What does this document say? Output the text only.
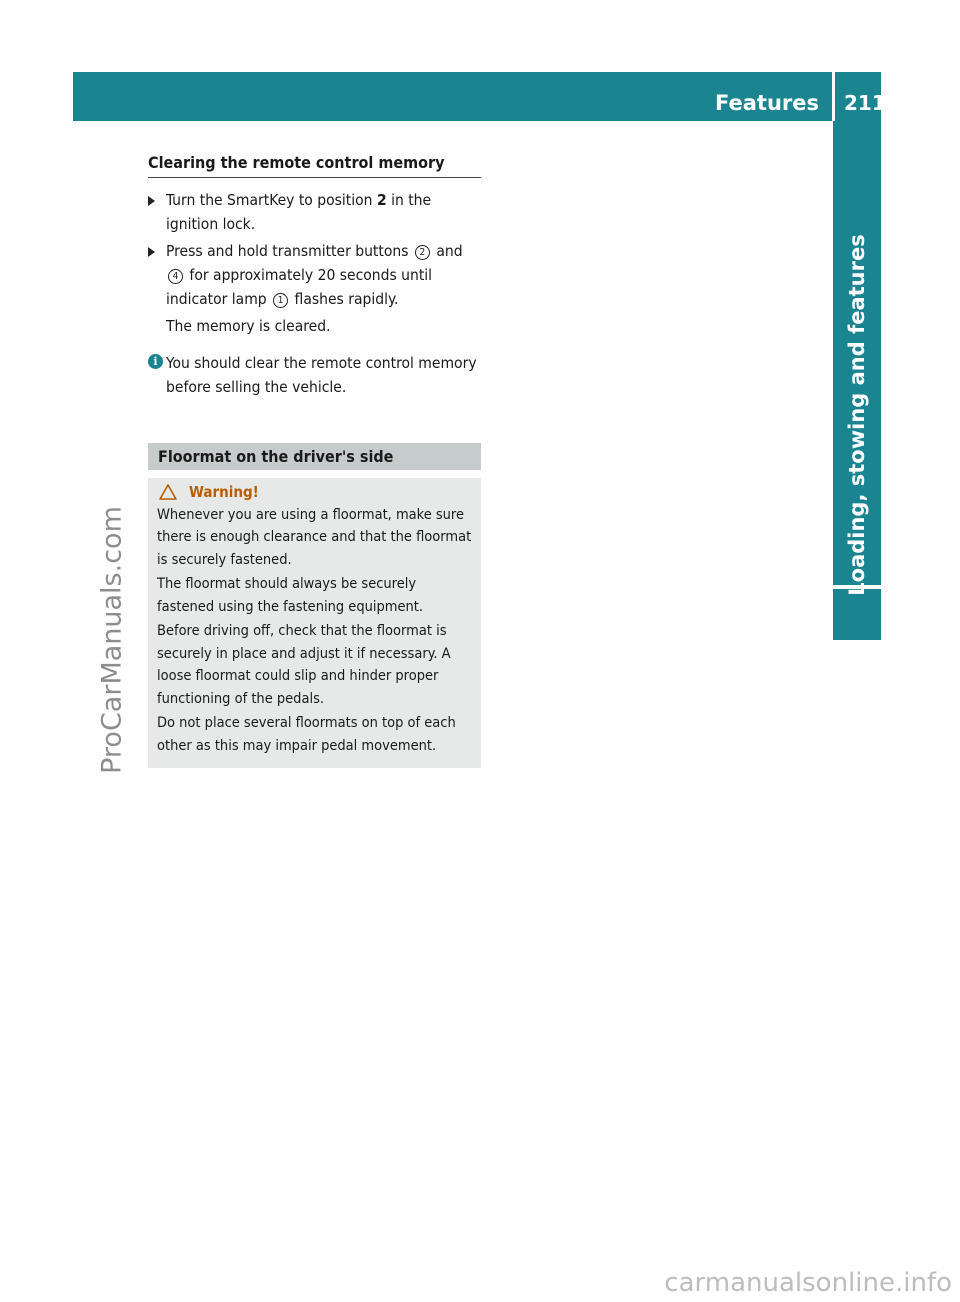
Features 211
Loading, stowing and features
ProCarManuals.com
carmanualsonline.info
Clearing the remote control memory
Turn the SmartKey to position 2 in the ignition lock.
Press and hold transmitter buttons 2 and 4 for approximately 20 seconds until indicator lamp 1 flashes rapidly.
The memory is cleared.
i You should clear the remote control memory before selling the vehicle.
Floormat on the driver's side
Warning!

Whenever you are using a floormat, make sure there is enough clearance and that the floormat is securely fastened.

The floormat should always be securely fastened using the fastening equipment.

Before driving off, check that the floormat is securely in place and adjust it if necessary. A loose floormat could slip and hinder proper functioning of the pedals.

Do not place several floormats on top of each other as this may impair pedal movement.
